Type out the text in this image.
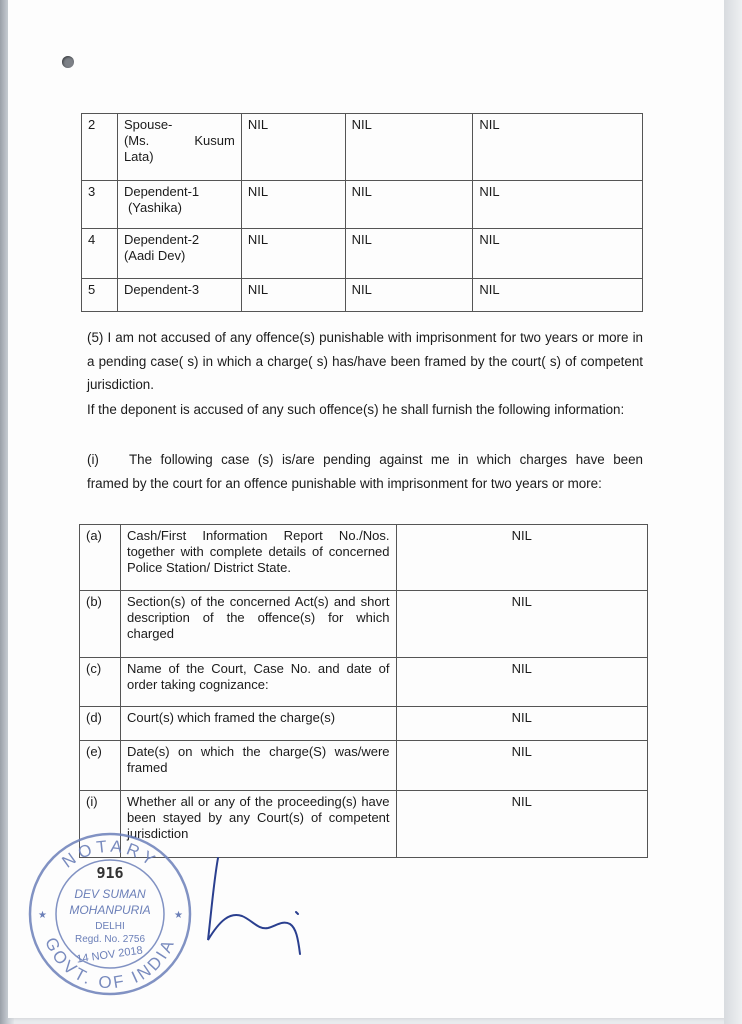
2	Spouse-
(Ms. Kusum
Lata)	NIL	NIL	NIL
3	Dependent-1
(Yashika)	NIL	NIL	NIL
4	Dependent-2
(Aadi Dev)	NIL	NIL	NIL
5	Dependent-3	NIL	NIL	NIL

(5) I am not accused of any offence(s) punishable with imprisonment for two years or more in a pending case( s) in which a charge( s) has/have been framed by the court( s) of competent jurisdiction.

If the deponent is accused of any such offence(s) he shall furnish the following information:

(i)	The following case (s) is/are pending against me in which charges have been
framed by the court for an offence punishable with imprisonment for two years or more:
(a)	Cash/First Information Report No./Nos. together with complete details of concerned Police Station/ District State.	NIL
(b)	Section(s) of the concerned Act(s) and short description of the offence(s) for which charged	NIL
(c)	Name of the Court, Case No. and date of order taking cognizance:	NIL
(d)	Court(s) which framed the charge(s)	NIL
(e)	Date(s) on which the charge(S) was/were framed	NIL
(i)	Whether all or any of the proceeding(s) have been stayed by any Court(s) of competent jurisdiction	NIL
NOTARY
GOVT. OF INDIA
★	★
916
DEV SUMAN
MOHANPURIA
DELHI
Regd. No. 2756
14 NOV 2018
